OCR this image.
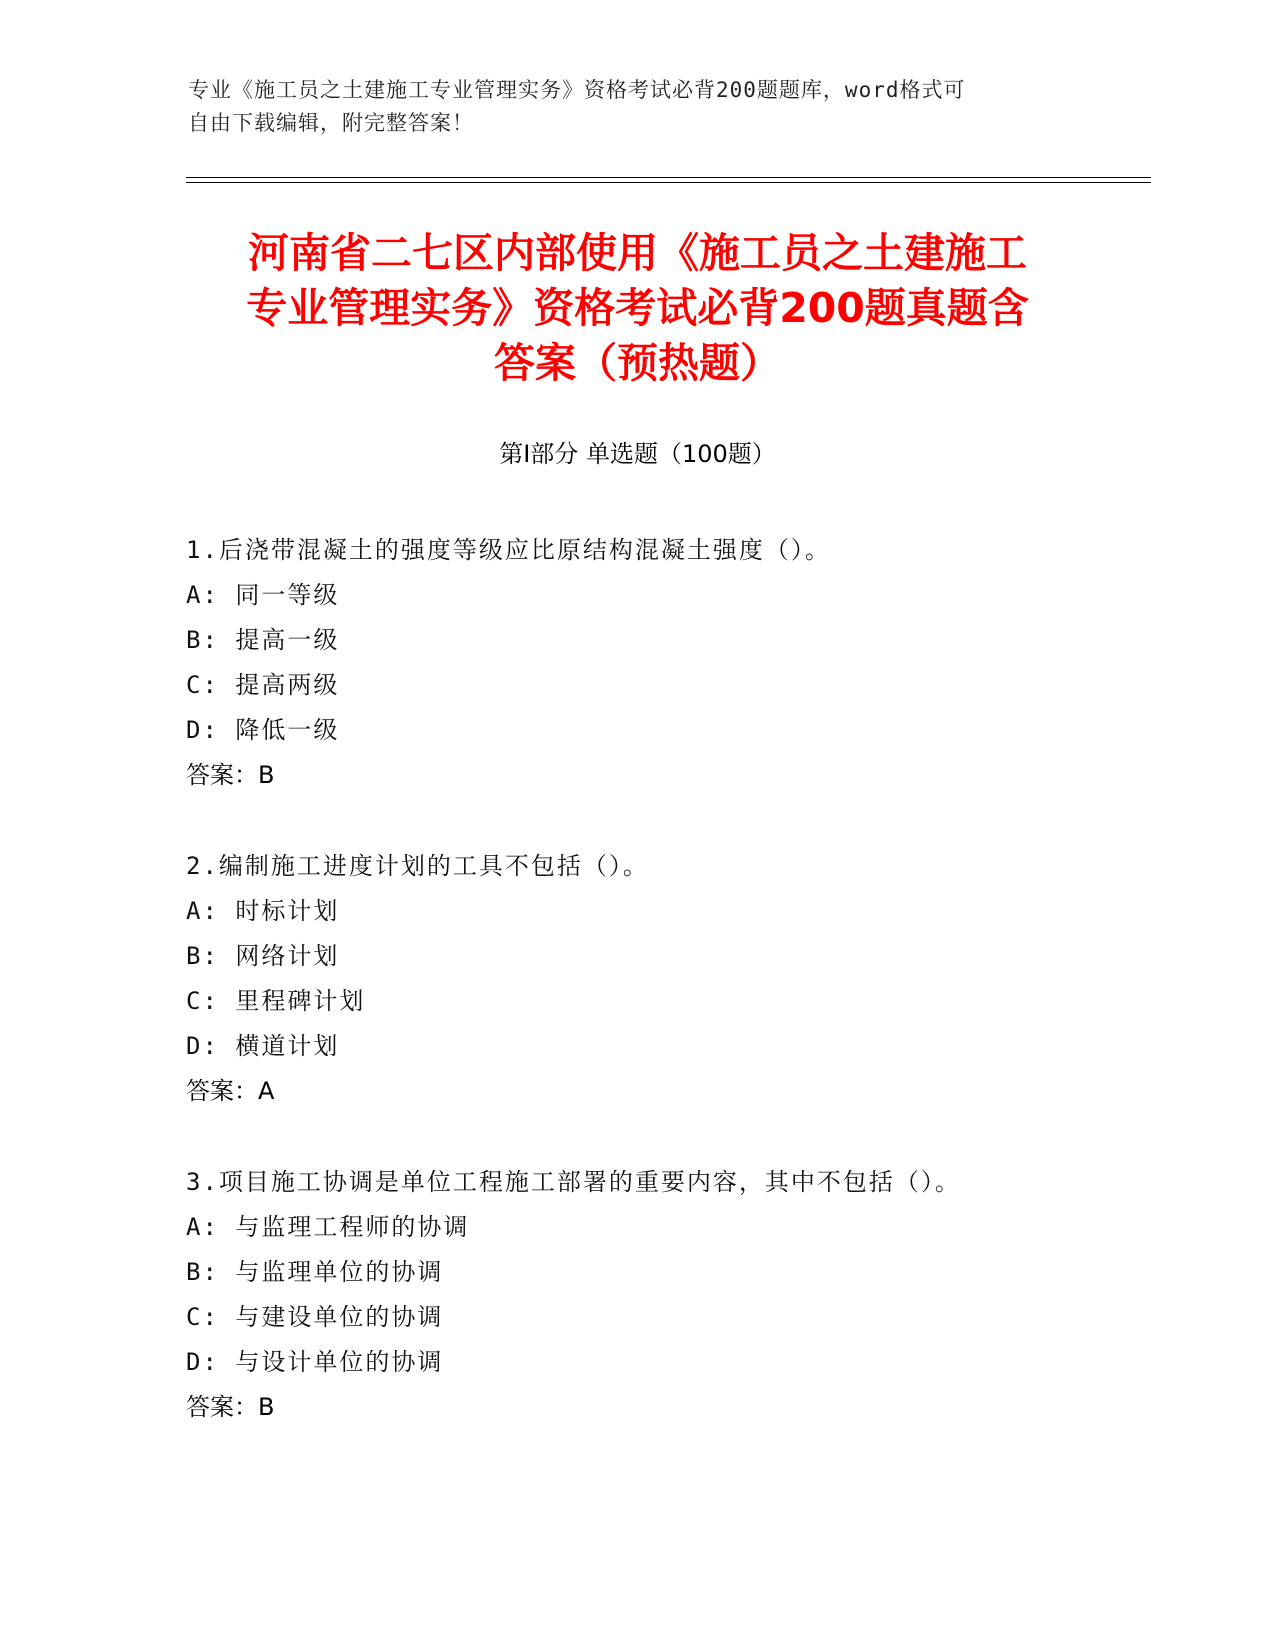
专业《施工员之土建施工专业管理实务》资格考试必背200题题库，word格式可
自由下载编辑，附完整答案！
河南省二七区内部使用《施工员之土建施工
专业管理实务》资格考试必背200题真题含
答案（预热题）
第Ⅰ部分 单选题（100题）
1.后浇带混凝土的强度等级应比原结构混凝土强度（）。
A: 同一等级
B: 提高一级
C: 提高两级
D: 降低一级
答案：B
2.编制施工进度计划的工具不包括（）。
A: 时标计划
B: 网络计划
C: 里程碑计划
D: 横道计划
答案：A
3.项目施工协调是单位工程施工部署的重要内容，其中不包括（）。
A: 与监理工程师的协调
B: 与监理单位的协调
C: 与建设单位的协调
D: 与设计单位的协调
答案：B
